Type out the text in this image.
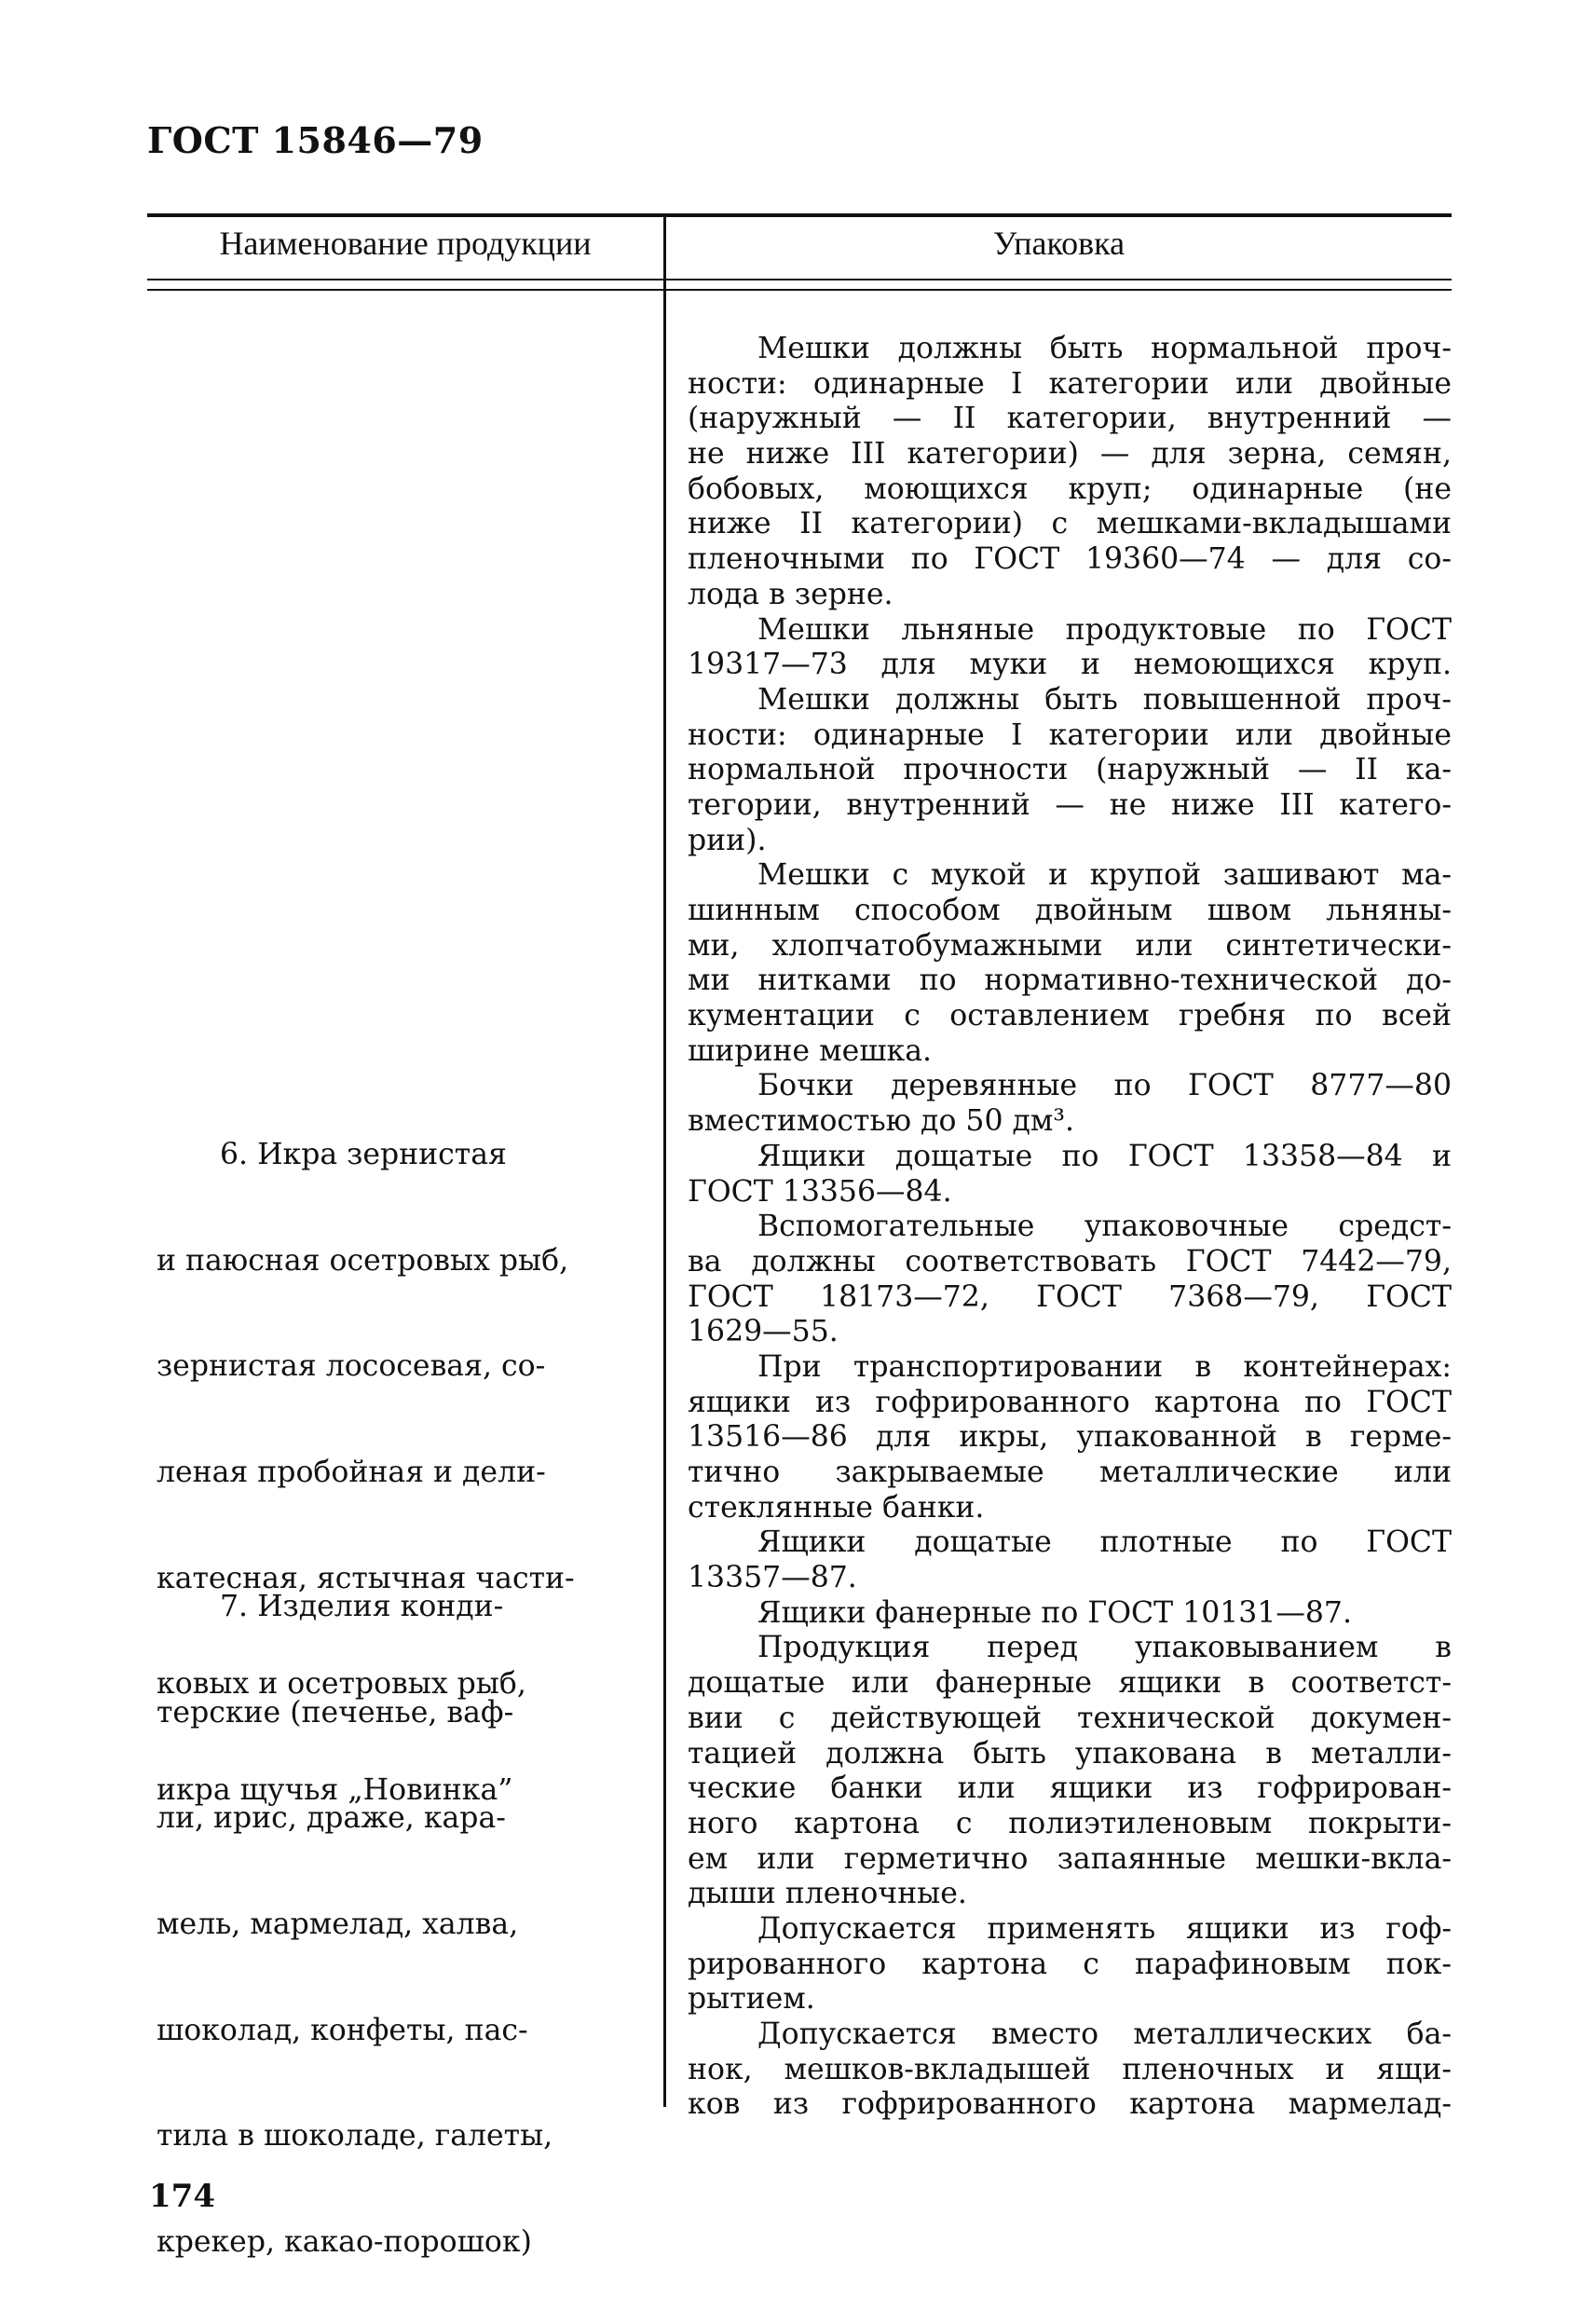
ГОСТ 15846—79
Наименование продукции	Упаковка

6. Икра зернистая

и паюсная осетровых рыб,

зернистая лососевая, со-

леная пробойная и дели-

катесная, ястычная части-

ковых и осетровых рыб,

икра щучья „Новинка”

7. Изделия конди-

терские (печенье, ваф-

ли, ирис, драже, кара-

мель, мармелад, халва,

шоколад, конфеты, пас-

тила в шоколаде, галеты,

крекер, какао-порошок)

Мешки должны быть нормальной проч-
ности: одинарные I категории или двойные
(наружный — II категории, внутренний —
не ниже III категории) — для зерна, семян,
бобовых, моющихся круп; одинарные (не
ниже II категории) с мешками-вкладышами
пленочными по ГОСТ 19360—74 — для со-
лода в зерне.
Мешки льняные продуктовые по ГОСТ
19317—73 для муки и немоющихся круп.
Мешки должны быть повышенной проч-
ности: одинарные I категории или двойные
нормальной прочности (наружный — II ка-
тегории, внутренний — не ниже III катего-
рии).
Мешки с мукой и крупой зашивают ма-
шинным способом двойным швом льняны-
ми, хлопчатобумажными или синтетически-
ми нитками по нормативно-технической до-
кументации с оставлением гребня по всей
ширине мешка.
Бочки деревянные по ГОСТ 8777—80
вместимостью до 50 дм³.
Ящики дощатые по ГОСТ 13358—84 и
ГОСТ 13356—84.
Вспомогательные упаковочные средст-
ва должны соответствовать ГОСТ 7442—79,
ГОСТ 18173—72, ГОСТ 7368—79, ГОСТ
1629—55.
При транспортировании в контейнерах:
ящики из гофрированного картона по ГОСТ
13516—86 для икры, упакованной в герме-
тично закрываемые металлические или
стеклянные банки.
Ящики дощатые плотные по ГОСТ
13357—87.
Ящики фанерные по ГОСТ 10131—87.
Продукция перед упаковыванием в
дощатые или фанерные ящики в соответст-
вии с действующей технической докумен-
тацией должна быть упакована в металли-
ческие банки или ящики из гофрирован-
ного картона с полиэтиленовым покрыти-
ем или герметично запаянные мешки-вкла-
дыши пленочные.
Допускается применять ящики из гоф-
рированного картона с парафиновым пок-
рытием.
Допускается вместо металлических ба-
нок, мешков-вкладышей пленочных и ящи-
ков из гофрированного картона мармелад-
174
